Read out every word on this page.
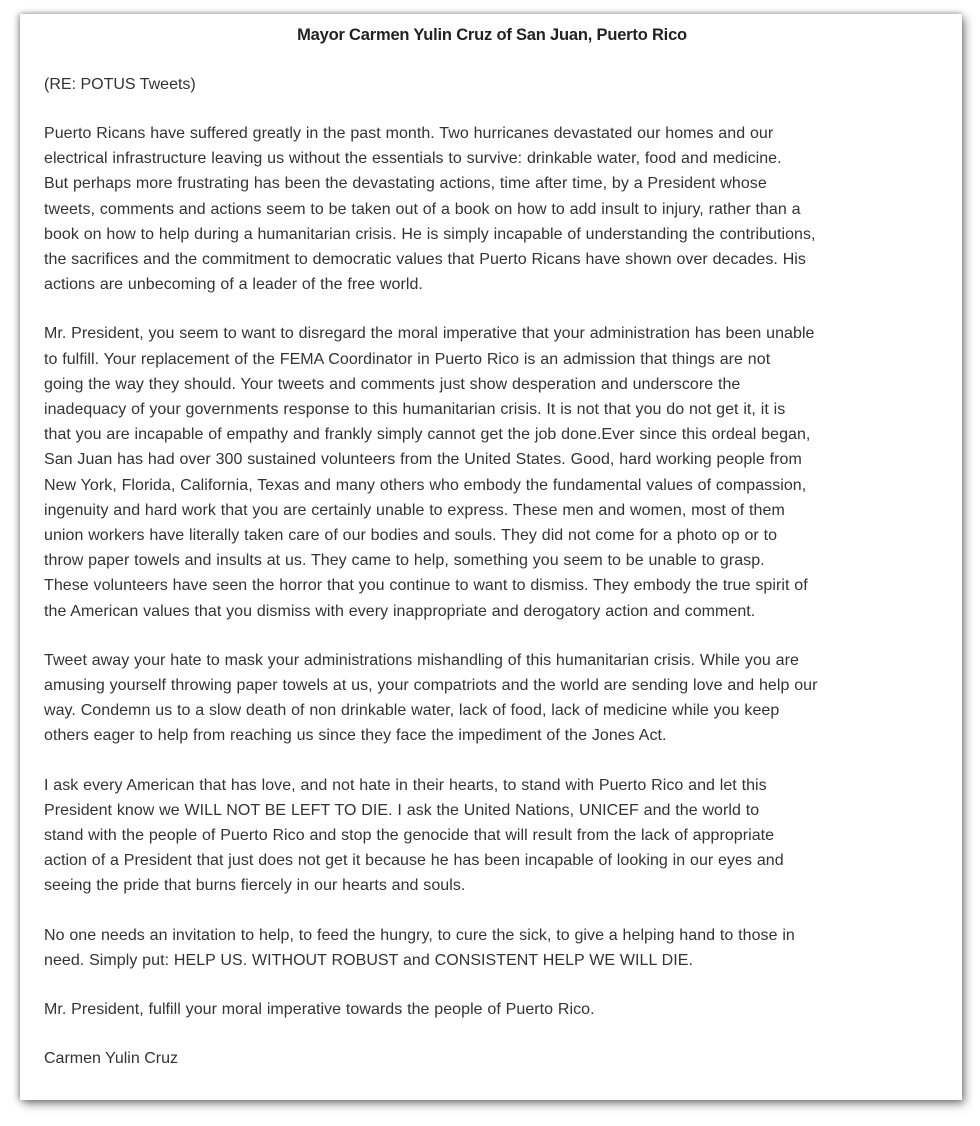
Mayor Carmen Yulin Cruz of San Juan, Puerto Rico

(RE: POTUS Tweets)

Puerto Ricans have suffered greatly in the past month. Two hurricanes devastated our homes and our
electrical infrastructure leaving us without the essentials to survive: drinkable water, food and medicine.
But perhaps more frustrating has been the devastating actions, time after time, by a President whose
tweets, comments and actions seem to be taken out of a book on how to add insult to injury, rather than a
book on how to help during a humanitarian crisis. He is simply incapable of understanding the contributions,
the sacrifices and the commitment to democratic values that Puerto Ricans have shown over decades. His
actions are unbecoming of a leader of the free world.
Mr. President, you seem to want to disregard the moral imperative that your administration has been unable
to fulfill. Your replacement of the FEMA Coordinator in Puerto Rico is an admission that things are not
going the way they should. Your tweets and comments just show desperation and underscore the
inadequacy of your governments response to this humanitarian crisis. It is not that you do not get it, it is
that you are incapable of empathy and frankly simply cannot get the job done.Ever since this ordeal began,
San Juan has had over 300 sustained volunteers from the United States. Good, hard working people from
New York, Florida, California, Texas and many others who embody the fundamental values of compassion,
ingenuity and hard work that you are certainly unable to express. These men and women, most of them
union workers have literally taken care of our bodies and souls. They did not come for a photo op or to
throw paper towels and insults at us. They came to help, something you seem to be unable to grasp.
These volunteers have seen the horror that you continue to want to dismiss. They embody the true spirit of
the American values that you dismiss with every inappropriate and derogatory action and comment.
Tweet away your hate to mask your administrations mishandling of this humanitarian crisis. While you are
amusing yourself throwing paper towels at us, your compatriots and the world are sending love and help our
way. Condemn us to a slow death of non drinkable water, lack of food, lack of medicine while you keep
others eager to help from reaching us since they face the impediment of the Jones Act.
I ask every American that has love, and not hate in their hearts, to stand with Puerto Rico and let this
President know we WILL NOT BE LEFT TO DIE. I ask the United Nations, UNICEF and the world to
stand with the people of Puerto Rico and stop the genocide that will result from the lack of appropriate
action of a President that just does not get it because he has been incapable of looking in our eyes and
seeing the pride that burns fiercely in our hearts and souls.
No one needs an invitation to help, to feed the hungry, to cure the sick, to give a helping hand to those in
need. Simply put: HELP US. WITHOUT ROBUST and CONSISTENT HELP WE WILL DIE.
Mr. President, fulfill your moral imperative towards the people of Puerto Rico.

Carmen Yulin Cruz
